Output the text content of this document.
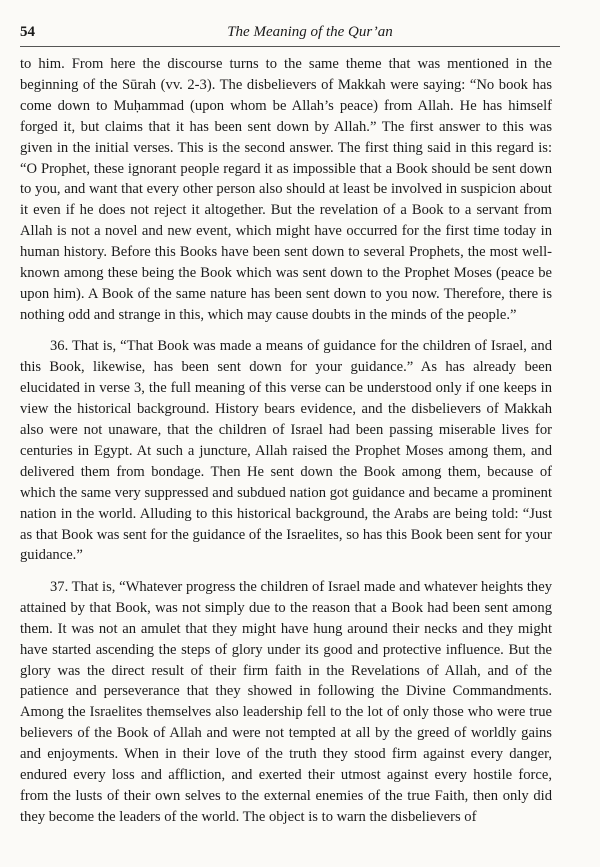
54	The Meaning of the Qur’an

to him. From here the discourse turns to the same theme that was mentioned in the beginning of the Sūrah (vv. 2-3). The disbelievers of Makkah were saying: “No book has come down to Muḥammad (upon whom be Allah’s peace) from Allah. He has himself forged it, but claims that it has been sent down by Allah.” The first answer to this was given in the initial verses. This is the second answer. The first thing said in this regard is: “O Prophet, these ignorant people regard it as impossible that a Book should be sent down to you, and want that every other person also should at least be involved in suspicion about it even if he does not reject it altogether. But the revelation of a Book to a servant from Allah is not a novel and new event, which might have occurred for the first time today in human history. Before this Books have been sent down to several Prophets, the most well-known among these being the Book which was sent down to the Prophet Moses (peace be upon him). A Book of the same nature has been sent down to you now. Therefore, there is nothing odd and strange in this, which may cause doubts in the minds of the people.”

36. That is, “That Book was made a means of guidance for the children of Israel, and this Book, likewise, has been sent down for your guidance.” As has already been elucidated in verse 3, the full meaning of this verse can be understood only if one keeps in view the historical background. History bears evidence, and the disbelievers of Makkah also were not unaware, that the children of Israel had been passing miserable lives for centuries in Egypt. At such a juncture, Allah raised the Prophet Moses among them, and delivered them from bondage. Then He sent down the Book among them, because of which the same very suppressed and subdued nation got guidance and became a prominent nation in the world. Alluding to this historical background, the Arabs are being told: “Just as that Book was sent for the guidance of the Israelites, so has this Book been sent for your guidance.”

37. That is, “Whatever progress the children of Israel made and whatever heights they attained by that Book, was not simply due to the reason that a Book had been sent among them. It was not an amulet that they might have hung around their necks and they might have started ascending the steps of glory under its good and protective influence. But the glory was the direct result of their firm faith in the Revelations of Allah, and of the patience and perseverance that they showed in following the Divine Commandments. Among the Israelites themselves also leadership fell to the lot of only those who were true believers of the Book of Allah and were not tempted at all by the greed of worldly gains and enjoyments. When in their love of the truth they stood firm against every danger, endured every loss and affliction, and exerted their utmost against every hostile force, from the lusts of their own selves to the external enemies of the true Faith, then only did they become the leaders of the world. The object is to warn the disbelievers of
